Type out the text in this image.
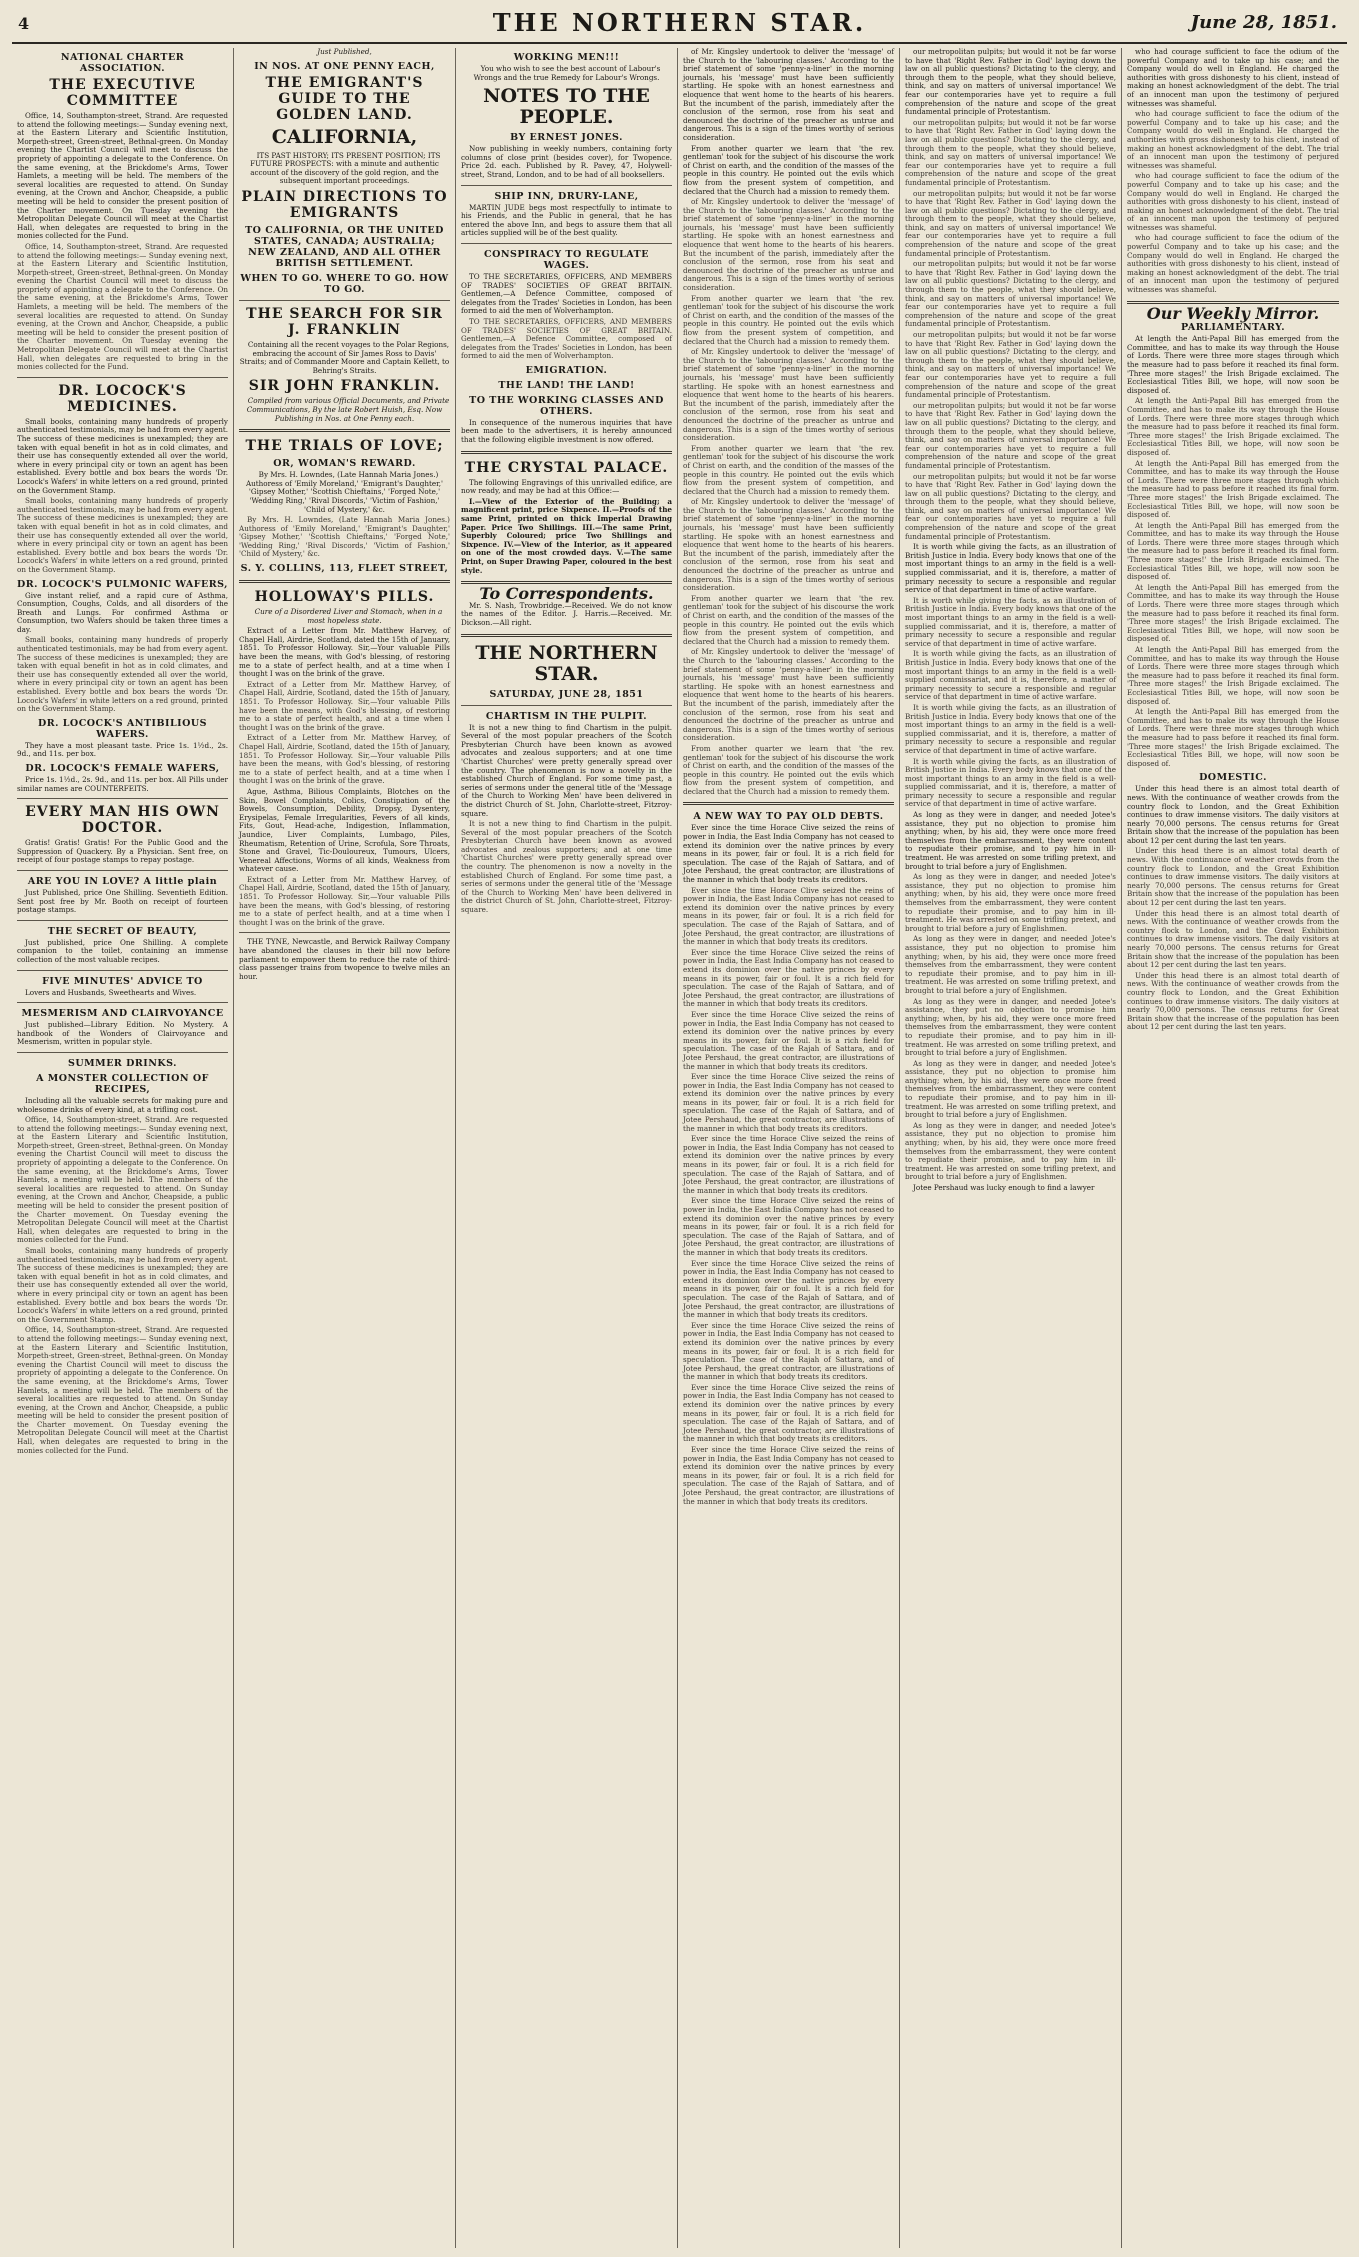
4	THE NORTHERN STAR.	June 28, 1851.
NATIONAL CHARTER ASSOCIATION.
THE EXECUTIVE COMMITTEE
Office, 14, Southampton-street, Strand. Are requested to attend the following meetings:— Sunday evening next, at the Eastern Literary and Scientific Institution, Morpeth-street, Green-street, Bethnal-green. On Monday evening the Chartist Council will meet to discuss the propriety of appointing a delegate to the Conference. On the same evening, at the Brickdome's Arms, Tower Hamlets, a meeting will be held. The members of the several localities are requested to attend. On Sunday evening, at the Crown and Anchor, Cheapside, a public meeting will be held to consider the present position of the Charter movement. On Tuesday evening the Metropolitan Delegate Council will meet at the Chartist Hall, when delegates are requested to bring in the monies collected for the Fund.
Office, 14, Southampton-street, Strand. Are requested to attend the following meetings:— Sunday evening next, at the Eastern Literary and Scientific Institution, Morpeth-street, Green-street, Bethnal-green. On Monday evening the Chartist Council will meet to discuss the propriety of appointing a delegate to the Conference. On the same evening, at the Brickdome's Arms, Tower Hamlets, a meeting will be held. The members of the several localities are requested to attend. On Sunday evening, at the Crown and Anchor, Cheapside, a public meeting will be held to consider the present position of the Charter movement. On Tuesday evening the Metropolitan Delegate Council will meet at the Chartist Hall, when delegates are requested to bring in the monies collected for the Fund.
DR. LOCOCK'S MEDICINES.
Small books, containing many hundreds of properly authenticated testimonials, may be had from every agent. The success of these medicines is unexampled; they are taken with equal benefit in hot as in cold climates, and their use has consequently extended all over the world, where in every principal city or town an agent has been established. Every bottle and box bears the words 'Dr. Locock's Wafers' in white letters on a red ground, printed on the Government Stamp.
Small books, containing many hundreds of properly authenticated testimonials, may be had from every agent. The success of these medicines is unexampled; they are taken with equal benefit in hot as in cold climates, and their use has consequently extended all over the world, where in every principal city or town an agent has been established. Every bottle and box bears the words 'Dr. Locock's Wafers' in white letters on a red ground, printed on the Government Stamp.
DR. LOCOCK'S PULMONIC WAFERS,
Give instant relief, and a rapid cure of Asthma, Consumption, Coughs, Colds, and all disorders of the Breath and Lungs. For confirmed Asthma or Consumption, two Wafers should be taken three times a day.
Small books, containing many hundreds of properly authenticated testimonials, may be had from every agent. The success of these medicines is unexampled; they are taken with equal benefit in hot as in cold climates, and their use has consequently extended all over the world, where in every principal city or town an agent has been established. Every bottle and box bears the words 'Dr. Locock's Wafers' in white letters on a red ground, printed on the Government Stamp.
DR. LOCOCK'S ANTIBILIOUS WAFERS.
They have a most pleasant taste. Price 1s. 1½d., 2s. 9d., and 11s. per box.
DR. LOCOCK'S FEMALE WAFERS,
Price 1s. 1½d., 2s. 9d., and 11s. per box. All Pills under similar names are COUNTERFEITS.
EVERY MAN HIS OWN DOCTOR.
Gratis! Gratis! Gratis! For the Public Good and the Suppression of Quackery. By a Physician. Sent free, on receipt of four postage stamps to repay postage.
ARE YOU IN LOVE? A little plain
Just Published, price One Shilling. Seventieth Edition. Sent post free by Mr. Booth on receipt of fourteen postage stamps.
THE SECRET OF BEAUTY,
Just published, price One Shilling. A complete companion to the toilet, containing an immense collection of the most valuable recipes.
FIVE MINUTES' ADVICE TO
Lovers and Husbands, Sweethearts and Wives.
MESMERISM AND CLAIRVOYANCE
Just published—Library Edition. No Mystery. A handbook of the Wonders of Clairvoyance and Mesmerism, written in popular style.
SUMMER DRINKS.
A MONSTER COLLECTION OF RECIPES,
Including all the valuable secrets for making pure and wholesome drinks of every kind, at a trifling cost.
Office, 14, Southampton-street, Strand. Are requested to attend the following meetings:— Sunday evening next, at the Eastern Literary and Scientific Institution, Morpeth-street, Green-street, Bethnal-green. On Monday evening the Chartist Council will meet to discuss the propriety of appointing a delegate to the Conference. On the same evening, at the Brickdome's Arms, Tower Hamlets, a meeting will be held. The members of the several localities are requested to attend. On Sunday evening, at the Crown and Anchor, Cheapside, a public meeting will be held to consider the present position of the Charter movement. On Tuesday evening the Metropolitan Delegate Council will meet at the Chartist Hall, when delegates are requested to bring in the monies collected for the Fund.
Small books, containing many hundreds of properly authenticated testimonials, may be had from every agent. The success of these medicines is unexampled; they are taken with equal benefit in hot as in cold climates, and their use has consequently extended all over the world, where in every principal city or town an agent has been established. Every bottle and box bears the words 'Dr. Locock's Wafers' in white letters on a red ground, printed on the Government Stamp.
Office, 14, Southampton-street, Strand. Are requested to attend the following meetings:— Sunday evening next, at the Eastern Literary and Scientific Institution, Morpeth-street, Green-street, Bethnal-green. On Monday evening the Chartist Council will meet to discuss the propriety of appointing a delegate to the Conference. On the same evening, at the Brickdome's Arms, Tower Hamlets, a meeting will be held. The members of the several localities are requested to attend. On Sunday evening, at the Crown and Anchor, Cheapside, a public meeting will be held to consider the present position of the Charter movement. On Tuesday evening the Metropolitan Delegate Council will meet at the Chartist Hall, when delegates are requested to bring in the monies collected for the Fund.
Just Published,
IN NOS. AT ONE PENNY EACH,
THE EMIGRANT'S GUIDE TO THE GOLDEN LAND.
CALIFORNIA,
ITS PAST HISTORY; ITS PRESENT POSITION; ITS FUTURE PROSPECTS: with a minute and authentic account of the discovery of the gold region, and the subsequent important proceedings.
PLAIN DIRECTIONS TO EMIGRANTS
TO CALIFORNIA, OR THE UNITED STATES, CANADA; AUSTRALIA; NEW ZEALAND, AND ALL OTHER BRITISH SETTLEMENT.
WHEN TO GO. WHERE TO GO. HOW TO GO.
THE SEARCH FOR SIR J. FRANKLIN
Containing all the recent voyages to the Polar Regions, embracing the account of Sir James Ross to Davis' Straits; and of Commander Moore and Captain Kellett, to Behring's Straits.
SIR JOHN FRANKLIN.
Compiled from various Official Documents, and Private Communications, By the late Robert Huish, Esq. Now Publishing in Nos. at One Penny each.
THE TRIALS OF LOVE;
OR, WOMAN'S REWARD.
By Mrs. H. Lowndes, (Late Hannah Maria Jones.) Authoress of 'Emily Moreland,' 'Emigrant's Daughter,' 'Gipsey Mother,' 'Scottish Chieftains,' 'Forged Note,' 'Wedding Ring,' 'Rival Discords,' 'Victim of Fashion,' 'Child of Mystery,' &c.
By Mrs. H. Lowndes, (Late Hannah Maria Jones.) Authoress of 'Emily Moreland,' 'Emigrant's Daughter,' 'Gipsey Mother,' 'Scottish Chieftains,' 'Forged Note,' 'Wedding Ring,' 'Rival Discords,' 'Victim of Fashion,' 'Child of Mystery,' &c.
S. Y. COLLINS, 113, FLEET STREET,
HOLLOWAY'S PILLS.
Cure of a Disordered Liver and Stomach, when in a most hopeless state.
Extract of a Letter from Mr. Matthew Harvey, of Chapel Hall, Airdrie, Scotland, dated the 15th of January, 1851. To Professor Holloway. Sir,—Your valuable Pills have been the means, with God's blessing, of restoring me to a state of perfect health, and at a time when I thought I was on the brink of the grave.
Extract of a Letter from Mr. Matthew Harvey, of Chapel Hall, Airdrie, Scotland, dated the 15th of January, 1851. To Professor Holloway. Sir,—Your valuable Pills have been the means, with God's blessing, of restoring me to a state of perfect health, and at a time when I thought I was on the brink of the grave.
Extract of a Letter from Mr. Matthew Harvey, of Chapel Hall, Airdrie, Scotland, dated the 15th of January, 1851. To Professor Holloway. Sir,—Your valuable Pills have been the means, with God's blessing, of restoring me to a state of perfect health, and at a time when I thought I was on the brink of the grave.
Ague, Asthma, Bilious Complaints, Blotches on the Skin, Bowel Complaints, Colics, Constipation of the Bowels, Consumption, Debility, Dropsy, Dysentery, Erysipelas, Female Irregularities, Fevers of all kinds, Fits, Gout, Head-ache, Indigestion, Inflammation, Jaundice, Liver Complaints, Lumbago, Piles, Rheumatism, Retention of Urine, Scrofula, Sore Throats, Stone and Gravel, Tic-Douloureux, Tumours, Ulcers, Venereal Affections, Worms of all kinds, Weakness from whatever cause.
Extract of a Letter from Mr. Matthew Harvey, of Chapel Hall, Airdrie, Scotland, dated the 15th of January, 1851. To Professor Holloway. Sir,—Your valuable Pills have been the means, with God's blessing, of restoring me to a state of perfect health, and at a time when I thought I was on the brink of the grave.
THE TYNE, Newcastle, and Berwick Railway Company have abandoned the clauses in their bill now before parliament to empower them to reduce the rate of third-class passenger trains from twopence to twelve miles an hour.
WORKING MEN!!!
You who wish to see the best account of Labour's Wrongs and the true Remedy for Labour's Wrongs.
NOTES TO THE PEOPLE.
BY ERNEST JONES.
Now publishing in weekly numbers, containing forty columns of close print (besides cover), for Twopence. Price 2d. each. Published by R. Pavey, 47, Holywell-street, Strand, London, and to be had of all booksellers.
SHIP INN, DRURY-LANE,
MARTIN JUDE begs most respectfully to intimate to his Friends, and the Public in general, that he has entered the above Inn, and begs to assure them that all articles supplied will be of the best quality.
CONSPIRACY TO REGULATE WAGES.
TO THE SECRETARIES, OFFICERS, AND MEMBERS OF TRADES' SOCIETIES OF GREAT BRITAIN. Gentlemen,—A Defence Committee, composed of delegates from the Trades' Societies in London, has been formed to aid the men of Wolverhampton.
TO THE SECRETARIES, OFFICERS, AND MEMBERS OF TRADES' SOCIETIES OF GREAT BRITAIN. Gentlemen,—A Defence Committee, composed of delegates from the Trades' Societies in London, has been formed to aid the men of Wolverhampton.
EMIGRATION.
THE LAND! THE LAND!
TO THE WORKING CLASSES AND OTHERS.
In consequence of the numerous inquiries that have been made to the advertisers, it is hereby announced that the following eligible investment is now offered.
THE CRYSTAL PALACE.
The following Engravings of this unrivalled edifice, are now ready, and may be had at this Office:—
I.—View of the Exterior of the Building; a magnificent print, price Sixpence. II.—Proofs of the same Print, printed on thick Imperial Drawing Paper. Price Two Shillings. III.—The same Print, Superbly Coloured; price Two Shillings and Sixpence. IV.—View of the Interior, as it appeared on one of the most crowded days. V.—The same Print, on Super Drawing Paper, coloured in the best style.
To Correspondents.
Mr. S. Nash, Trowbridge.—Received. We do not know the names of the Editor. J. Harris.—Received. Mr. Dickson.—All right.
THE NORTHERN STAR.
SATURDAY, JUNE 28, 1851
CHARTISM IN THE PULPIT.
It is not a new thing to find Chartism in the pulpit. Several of the most popular preachers of the Scotch Presbyterian Church have been known as avowed advocates and zealous supporters; and at one time 'Chartist Churches' were pretty generally spread over the country. The phenomenon is now a novelty in the established Church of England. For some time past, a series of sermons under the general title of the 'Message of the Church to Working Men' have been delivered in the district Church of St. John, Charlotte-street, Fitzroy-square.
It is not a new thing to find Chartism in the pulpit. Several of the most popular preachers of the Scotch Presbyterian Church have been known as avowed advocates and zealous supporters; and at one time 'Chartist Churches' were pretty generally spread over the country. The phenomenon is now a novelty in the established Church of England. For some time past, a series of sermons under the general title of the 'Message of the Church to Working Men' have been delivered in the district Church of St. John, Charlotte-street, Fitzroy-square.
of Mr. Kingsley undertook to deliver the 'message' of the Church to the 'labouring classes.' According to the brief statement of some 'penny-a-liner' in the morning journals, his 'message' must have been sufficiently startling. He spoke with an honest earnestness and eloquence that went home to the hearts of his hearers. But the incumbent of the parish, immediately after the conclusion of the sermon, rose from his seat and denounced the doctrine of the preacher as untrue and dangerous. This is a sign of the times worthy of serious consideration.
From another quarter we learn that 'the rev. gentleman' took for the subject of his discourse the work of Christ on earth, and the condition of the masses of the people in this country. He pointed out the evils which flow from the present system of competition, and declared that the Church had a mission to remedy them.
of Mr. Kingsley undertook to deliver the 'message' of the Church to the 'labouring classes.' According to the brief statement of some 'penny-a-liner' in the morning journals, his 'message' must have been sufficiently startling. He spoke with an honest earnestness and eloquence that went home to the hearts of his hearers. But the incumbent of the parish, immediately after the conclusion of the sermon, rose from his seat and denounced the doctrine of the preacher as untrue and dangerous. This is a sign of the times worthy of serious consideration.
From another quarter we learn that 'the rev. gentleman' took for the subject of his discourse the work of Christ on earth, and the condition of the masses of the people in this country. He pointed out the evils which flow from the present system of competition, and declared that the Church had a mission to remedy them.
of Mr. Kingsley undertook to deliver the 'message' of the Church to the 'labouring classes.' According to the brief statement of some 'penny-a-liner' in the morning journals, his 'message' must have been sufficiently startling. He spoke with an honest earnestness and eloquence that went home to the hearts of his hearers. But the incumbent of the parish, immediately after the conclusion of the sermon, rose from his seat and denounced the doctrine of the preacher as untrue and dangerous. This is a sign of the times worthy of serious consideration.
From another quarter we learn that 'the rev. gentleman' took for the subject of his discourse the work of Christ on earth, and the condition of the masses of the people in this country. He pointed out the evils which flow from the present system of competition, and declared that the Church had a mission to remedy them.
of Mr. Kingsley undertook to deliver the 'message' of the Church to the 'labouring classes.' According to the brief statement of some 'penny-a-liner' in the morning journals, his 'message' must have been sufficiently startling. He spoke with an honest earnestness and eloquence that went home to the hearts of his hearers. But the incumbent of the parish, immediately after the conclusion of the sermon, rose from his seat and denounced the doctrine of the preacher as untrue and dangerous. This is a sign of the times worthy of serious consideration.
From another quarter we learn that 'the rev. gentleman' took for the subject of his discourse the work of Christ on earth, and the condition of the masses of the people in this country. He pointed out the evils which flow from the present system of competition, and declared that the Church had a mission to remedy them.
of Mr. Kingsley undertook to deliver the 'message' of the Church to the 'labouring classes.' According to the brief statement of some 'penny-a-liner' in the morning journals, his 'message' must have been sufficiently startling. He spoke with an honest earnestness and eloquence that went home to the hearts of his hearers. But the incumbent of the parish, immediately after the conclusion of the sermon, rose from his seat and denounced the doctrine of the preacher as untrue and dangerous. This is a sign of the times worthy of serious consideration.
From another quarter we learn that 'the rev. gentleman' took for the subject of his discourse the work of Christ on earth, and the condition of the masses of the people in this country. He pointed out the evils which flow from the present system of competition, and declared that the Church had a mission to remedy them.
A NEW WAY TO PAY OLD DEBTS.
Ever since the time Horace Clive seized the reins of power in India, the East India Company has not ceased to extend its dominion over the native princes by every means in its power, fair or foul. It is a rich field for speculation. The case of the Rajah of Sattara, and of Jotee Pershaud, the great contractor, are illustrations of the manner in which that body treats its creditors.
Ever since the time Horace Clive seized the reins of power in India, the East India Company has not ceased to extend its dominion over the native princes by every means in its power, fair or foul. It is a rich field for speculation. The case of the Rajah of Sattara, and of Jotee Pershaud, the great contractor, are illustrations of the manner in which that body treats its creditors.
Ever since the time Horace Clive seized the reins of power in India, the East India Company has not ceased to extend its dominion over the native princes by every means in its power, fair or foul. It is a rich field for speculation. The case of the Rajah of Sattara, and of Jotee Pershaud, the great contractor, are illustrations of the manner in which that body treats its creditors.
Ever since the time Horace Clive seized the reins of power in India, the East India Company has not ceased to extend its dominion over the native princes by every means in its power, fair or foul. It is a rich field for speculation. The case of the Rajah of Sattara, and of Jotee Pershaud, the great contractor, are illustrations of the manner in which that body treats its creditors.
Ever since the time Horace Clive seized the reins of power in India, the East India Company has not ceased to extend its dominion over the native princes by every means in its power, fair or foul. It is a rich field for speculation. The case of the Rajah of Sattara, and of Jotee Pershaud, the great contractor, are illustrations of the manner in which that body treats its creditors.
Ever since the time Horace Clive seized the reins of power in India, the East India Company has not ceased to extend its dominion over the native princes by every means in its power, fair or foul. It is a rich field for speculation. The case of the Rajah of Sattara, and of Jotee Pershaud, the great contractor, are illustrations of the manner in which that body treats its creditors.
Ever since the time Horace Clive seized the reins of power in India, the East India Company has not ceased to extend its dominion over the native princes by every means in its power, fair or foul. It is a rich field for speculation. The case of the Rajah of Sattara, and of Jotee Pershaud, the great contractor, are illustrations of the manner in which that body treats its creditors.
Ever since the time Horace Clive seized the reins of power in India, the East India Company has not ceased to extend its dominion over the native princes by every means in its power, fair or foul. It is a rich field for speculation. The case of the Rajah of Sattara, and of Jotee Pershaud, the great contractor, are illustrations of the manner in which that body treats its creditors.
Ever since the time Horace Clive seized the reins of power in India, the East India Company has not ceased to extend its dominion over the native princes by every means in its power, fair or foul. It is a rich field for speculation. The case of the Rajah of Sattara, and of Jotee Pershaud, the great contractor, are illustrations of the manner in which that body treats its creditors.
Ever since the time Horace Clive seized the reins of power in India, the East India Company has not ceased to extend its dominion over the native princes by every means in its power, fair or foul. It is a rich field for speculation. The case of the Rajah of Sattara, and of Jotee Pershaud, the great contractor, are illustrations of the manner in which that body treats its creditors.
Ever since the time Horace Clive seized the reins of power in India, the East India Company has not ceased to extend its dominion over the native princes by every means in its power, fair or foul. It is a rich field for speculation. The case of the Rajah of Sattara, and of Jotee Pershaud, the great contractor, are illustrations of the manner in which that body treats its creditors.
our metropolitan pulpits; but would it not be far worse to have that 'Right Rev. Father in God' laying down the law on all public questions? Dictating to the clergy, and through them to the people, what they should believe, think, and say on matters of universal importance! We fear our contemporaries have yet to require a full comprehension of the nature and scope of the great fundamental principle of Protestantism.
our metropolitan pulpits; but would it not be far worse to have that 'Right Rev. Father in God' laying down the law on all public questions? Dictating to the clergy, and through them to the people, what they should believe, think, and say on matters of universal importance! We fear our contemporaries have yet to require a full comprehension of the nature and scope of the great fundamental principle of Protestantism.
our metropolitan pulpits; but would it not be far worse to have that 'Right Rev. Father in God' laying down the law on all public questions? Dictating to the clergy, and through them to the people, what they should believe, think, and say on matters of universal importance! We fear our contemporaries have yet to require a full comprehension of the nature and scope of the great fundamental principle of Protestantism.
our metropolitan pulpits; but would it not be far worse to have that 'Right Rev. Father in God' laying down the law on all public questions? Dictating to the clergy, and through them to the people, what they should believe, think, and say on matters of universal importance! We fear our contemporaries have yet to require a full comprehension of the nature and scope of the great fundamental principle of Protestantism.
our metropolitan pulpits; but would it not be far worse to have that 'Right Rev. Father in God' laying down the law on all public questions? Dictating to the clergy, and through them to the people, what they should believe, think, and say on matters of universal importance! We fear our contemporaries have yet to require a full comprehension of the nature and scope of the great fundamental principle of Protestantism.
our metropolitan pulpits; but would it not be far worse to have that 'Right Rev. Father in God' laying down the law on all public questions? Dictating to the clergy, and through them to the people, what they should believe, think, and say on matters of universal importance! We fear our contemporaries have yet to require a full comprehension of the nature and scope of the great fundamental principle of Protestantism.
our metropolitan pulpits; but would it not be far worse to have that 'Right Rev. Father in God' laying down the law on all public questions? Dictating to the clergy, and through them to the people, what they should believe, think, and say on matters of universal importance! We fear our contemporaries have yet to require a full comprehension of the nature and scope of the great fundamental principle of Protestantism.
It is worth while giving the facts, as an illustration of British Justice in India. Every body knows that one of the most important things to an army in the field is a well-supplied commissariat, and it is, therefore, a matter of primary necessity to secure a responsible and regular service of that department in time of active warfare.
It is worth while giving the facts, as an illustration of British Justice in India. Every body knows that one of the most important things to an army in the field is a well-supplied commissariat, and it is, therefore, a matter of primary necessity to secure a responsible and regular service of that department in time of active warfare.
It is worth while giving the facts, as an illustration of British Justice in India. Every body knows that one of the most important things to an army in the field is a well-supplied commissariat, and it is, therefore, a matter of primary necessity to secure a responsible and regular service of that department in time of active warfare.
It is worth while giving the facts, as an illustration of British Justice in India. Every body knows that one of the most important things to an army in the field is a well-supplied commissariat, and it is, therefore, a matter of primary necessity to secure a responsible and regular service of that department in time of active warfare.
It is worth while giving the facts, as an illustration of British Justice in India. Every body knows that one of the most important things to an army in the field is a well-supplied commissariat, and it is, therefore, a matter of primary necessity to secure a responsible and regular service of that department in time of active warfare.
As long as they were in danger, and needed Jotee's assistance, they put no objection to promise him anything; when, by his aid, they were once more freed themselves from the embarrassment, they were content to repudiate their promise, and to pay him in ill-treatment. He was arrested on some trifling pretext, and brought to trial before a jury of Englishmen.
As long as they were in danger, and needed Jotee's assistance, they put no objection to promise him anything; when, by his aid, they were once more freed themselves from the embarrassment, they were content to repudiate their promise, and to pay him in ill-treatment. He was arrested on some trifling pretext, and brought to trial before a jury of Englishmen.
As long as they were in danger, and needed Jotee's assistance, they put no objection to promise him anything; when, by his aid, they were once more freed themselves from the embarrassment, they were content to repudiate their promise, and to pay him in ill-treatment. He was arrested on some trifling pretext, and brought to trial before a jury of Englishmen.
As long as they were in danger, and needed Jotee's assistance, they put no objection to promise him anything; when, by his aid, they were once more freed themselves from the embarrassment, they were content to repudiate their promise, and to pay him in ill-treatment. He was arrested on some trifling pretext, and brought to trial before a jury of Englishmen.
As long as they were in danger, and needed Jotee's assistance, they put no objection to promise him anything; when, by his aid, they were once more freed themselves from the embarrassment, they were content to repudiate their promise, and to pay him in ill-treatment. He was arrested on some trifling pretext, and brought to trial before a jury of Englishmen.
As long as they were in danger, and needed Jotee's assistance, they put no objection to promise him anything; when, by his aid, they were once more freed themselves from the embarrassment, they were content to repudiate their promise, and to pay him in ill-treatment. He was arrested on some trifling pretext, and brought to trial before a jury of Englishmen.
Jotee Pershaud was lucky enough to find a lawyer
who had courage sufficient to face the odium of the powerful Company and to take up his case; and the Company would do well in England. He charged the authorities with gross dishonesty to his client, instead of making an honest acknowledgment of the debt. The trial of an innocent man upon the testimony of perjured witnesses was shameful.
who had courage sufficient to face the odium of the powerful Company and to take up his case; and the Company would do well in England. He charged the authorities with gross dishonesty to his client, instead of making an honest acknowledgment of the debt. The trial of an innocent man upon the testimony of perjured witnesses was shameful.
who had courage sufficient to face the odium of the powerful Company and to take up his case; and the Company would do well in England. He charged the authorities with gross dishonesty to his client, instead of making an honest acknowledgment of the debt. The trial of an innocent man upon the testimony of perjured witnesses was shameful.
who had courage sufficient to face the odium of the powerful Company and to take up his case; and the Company would do well in England. He charged the authorities with gross dishonesty to his client, instead of making an honest acknowledgment of the debt. The trial of an innocent man upon the testimony of perjured witnesses was shameful.
Our Weekly Mirror.
PARLIAMENTARY.
At length the Anti-Papal Bill has emerged from the Committee, and has to make its way through the House of Lords. There were three more stages through which the measure had to pass before it reached its final form. 'Three more stages!' the Irish Brigade exclaimed. The Ecclesiastical Titles Bill, we hope, will now soon be disposed of.
At length the Anti-Papal Bill has emerged from the Committee, and has to make its way through the House of Lords. There were three more stages through which the measure had to pass before it reached its final form. 'Three more stages!' the Irish Brigade exclaimed. The Ecclesiastical Titles Bill, we hope, will now soon be disposed of.
At length the Anti-Papal Bill has emerged from the Committee, and has to make its way through the House of Lords. There were three more stages through which the measure had to pass before it reached its final form. 'Three more stages!' the Irish Brigade exclaimed. The Ecclesiastical Titles Bill, we hope, will now soon be disposed of.
At length the Anti-Papal Bill has emerged from the Committee, and has to make its way through the House of Lords. There were three more stages through which the measure had to pass before it reached its final form. 'Three more stages!' the Irish Brigade exclaimed. The Ecclesiastical Titles Bill, we hope, will now soon be disposed of.
At length the Anti-Papal Bill has emerged from the Committee, and has to make its way through the House of Lords. There were three more stages through which the measure had to pass before it reached its final form. 'Three more stages!' the Irish Brigade exclaimed. The Ecclesiastical Titles Bill, we hope, will now soon be disposed of.
At length the Anti-Papal Bill has emerged from the Committee, and has to make its way through the House of Lords. There were three more stages through which the measure had to pass before it reached its final form. 'Three more stages!' the Irish Brigade exclaimed. The Ecclesiastical Titles Bill, we hope, will now soon be disposed of.
At length the Anti-Papal Bill has emerged from the Committee, and has to make its way through the House of Lords. There were three more stages through which the measure had to pass before it reached its final form. 'Three more stages!' the Irish Brigade exclaimed. The Ecclesiastical Titles Bill, we hope, will now soon be disposed of.
DOMESTIC.
Under this head there is an almost total dearth of news. With the continuance of weather crowds from the country flock to London, and the Great Exhibition continues to draw immense visitors. The daily visitors at nearly 70,000 persons. The census returns for Great Britain show that the increase of the population has been about 12 per cent during the last ten years.
Under this head there is an almost total dearth of news. With the continuance of weather crowds from the country flock to London, and the Great Exhibition continues to draw immense visitors. The daily visitors at nearly 70,000 persons. The census returns for Great Britain show that the increase of the population has been about 12 per cent during the last ten years.
Under this head there is an almost total dearth of news. With the continuance of weather crowds from the country flock to London, and the Great Exhibition continues to draw immense visitors. The daily visitors at nearly 70,000 persons. The census returns for Great Britain show that the increase of the population has been about 12 per cent during the last ten years.
Under this head there is an almost total dearth of news. With the continuance of weather crowds from the country flock to London, and the Great Exhibition continues to draw immense visitors. The daily visitors at nearly 70,000 persons. The census returns for Great Britain show that the increase of the population has been about 12 per cent during the last ten years.
